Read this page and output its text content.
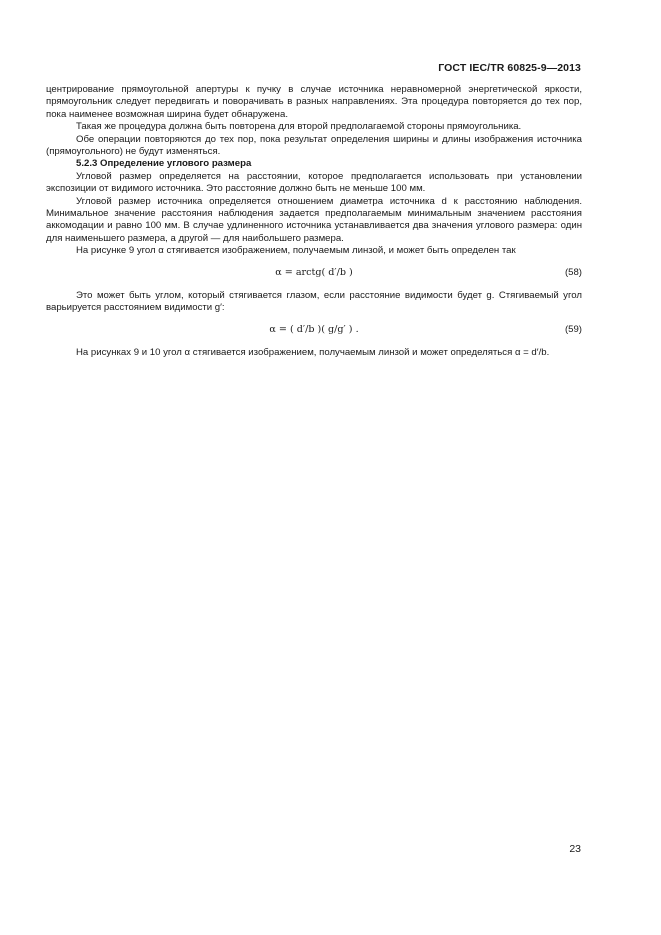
ГОСТ IEC/TR 60825-9—2013

центрирование прямоугольной апертуры к пучку в случае источника неравномерной энергетической яркости, прямоугольник следует передвигать и поворачивать в разных направлениях. Эта процедура повторяется до тех пор, пока наименее возможная ширина будет обнаружена.

Такая же процедура должна быть повторена для второй предполагаемой стороны прямоугольника.

Обе операции повторяются до тех пор, пока результат определения ширины и длины изображения источника (прямоугольного) не будут изменяться.

5.2.3 Определение углового размера

Угловой размер определяется на расстоянии, которое предполагается использовать при установлении экспозиции от видимого источника. Это расстояние должно быть не меньше 100 мм.

Угловой размер источника определяется отношением диаметра источника d к расстоянию наблюдения. Минимальное значение расстояния наблюдения задается предполагаемым минимальным значением расстояния аккомодации и равно 100 мм. В случае удлиненного источника устанавливается два значения углового размера: один для наименьшего размера, а другой — для наибольшего размера.

На рисунке 9 угол α стягивается изображением, получаемым линзой, и может быть определен так

α = arctg( d′/b )	(58)

Это может быть углом, который стягивается глазом, если расстояние видимости будет g. Стягиваемый угол варьируется расстоянием видимости g′:

α = ( d′/b )( g/g′ ) .	(59)

На рисунках 9 и 10 угол α стягивается изображением, получаемым линзой и может определяться α = d′/b.

23
